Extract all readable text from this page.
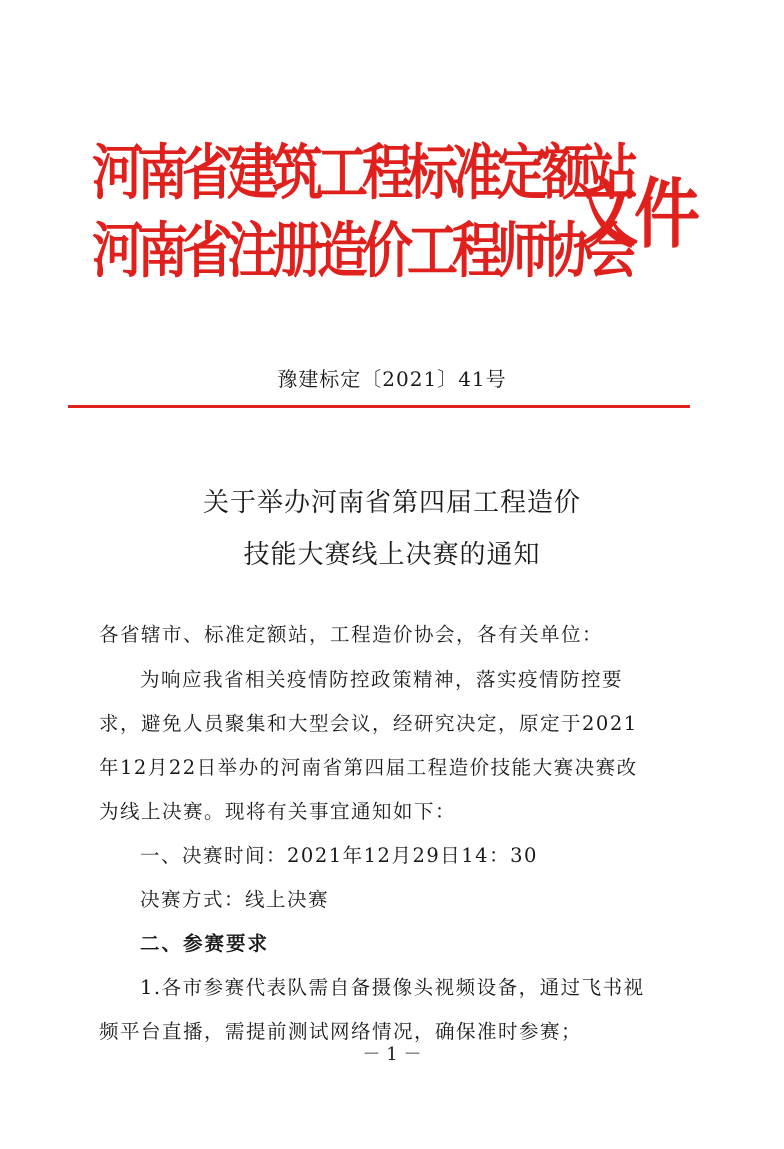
河南省建筑工程标准定额站
河南省注册造价工程师协会
文件
豫建标定〔2021〕41号
关于举办河南省第四届工程造价
技能大赛线上决赛的通知
各省辖市、标准定额站，工程造价协会，各有关单位：
为响应我省相关疫情防控政策精神，落实疫情防控要
求，避免人员聚集和大型会议，经研究决定，原定于2021
年12月22日举办的河南省第四届工程造价技能大赛决赛改
为线上决赛。现将有关事宜通知如下：
一、决赛时间：2021年12月29日14：30
决赛方式：线上决赛
二、参赛要求
1.各市参赛代表队需自备摄像头视频设备，通过飞书视
频平台直播，需提前测试网络情况，确保准时参赛；
－ 1 －
